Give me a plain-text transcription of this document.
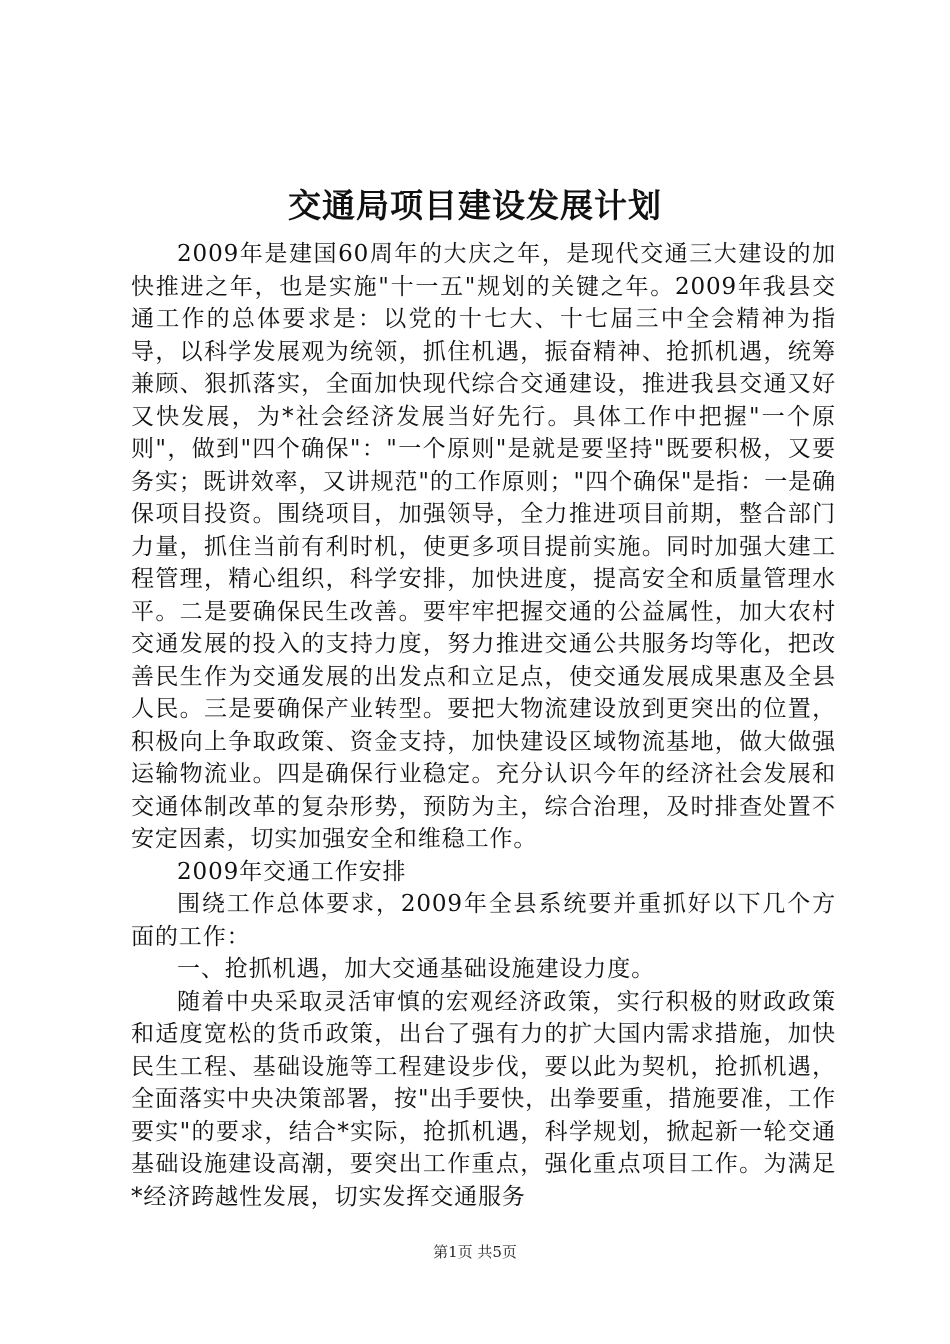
交通局项目建设发展计划

2009年是建国60周年的大庆之年，是现代交通三大建设的加快推进之年，也是实施"十一五"规划的关键之年。2009年我县交通工作的总体要求是：以党的十七大、十七届三中全会精神为指导，以科学发展观为统领，抓住机遇，振奋精神、抢抓机遇，统筹兼顾、狠抓落实，全面加快现代综合交通建设，推进我县交通又好又快发展，为*社会经济发展当好先行。具体工作中把握"一个原则"，做到"四个确保"："一个原则"是就是要坚持"既要积极，又要务实；既讲效率，又讲规范"的工作原则；"四个确保"是指：一是确保项目投资。围绕项目，加强领导，全力推进项目前期，整合部门力量，抓住当前有利时机，使更多项目提前实施。同时加强大建工程管理，精心组织，科学安排，加快进度，提高安全和质量管理水平。二是要确保民生改善。要牢牢把握交通的公益属性，加大农村交通发展的投入的支持力度，努力推进交通公共服务均等化，把改善民生作为交通发展的出发点和立足点，使交通发展成果惠及全县人民。三是要确保产业转型。要把大物流建设放到更突出的位置，积极向上争取政策、资金支持，加快建设区域物流基地，做大做强运输物流业。四是确保行业稳定。充分认识今年的经济社会发展和交通体制改革的复杂形势，预防为主，综合治理，及时排查处置不安定因素，切实加强安全和维稳工作。

2009年交通工作安排

围绕工作总体要求，2009年全县系统要并重抓好以下几个方面的工作：

一、抢抓机遇，加大交通基础设施建设力度。

随着中央采取灵活审慎的宏观经济政策，实行积极的财政政策和适度宽松的货币政策，出台了强有力的扩大国内需求措施，加快民生工程、基础设施等工程建设步伐，要以此为契机，抢抓机遇，全面落实中央决策部署，按"出手要快，出拳要重，措施要准，工作要实"的要求，结合*实际，抢抓机遇，科学规划，掀起新一轮交通基础设施建设高潮，要突出工作重点，强化重点项目工作。为满足*经济跨越性发展，切实发挥交通服务

第1页 共5页
